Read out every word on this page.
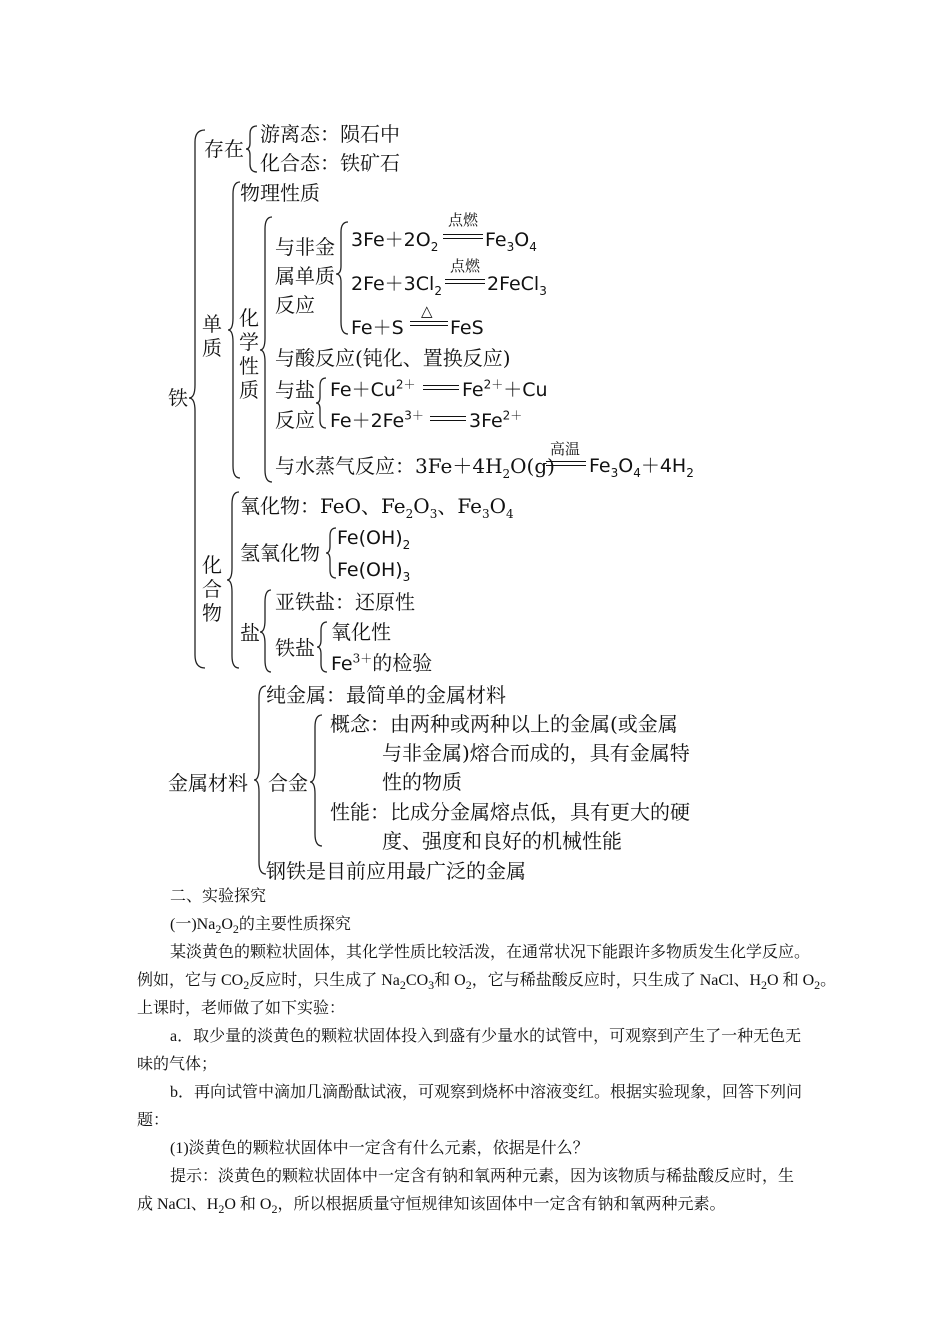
铁
存在
游离态：陨石中
化合态：铁矿石
单质
物理性质
化学性质
与非金
属单质
反应
$3Fe+2O_2$
点燃
$Fe_3O_4$
$2Fe+3Cl_2$
点燃
2FeCl$_3$
Fe＋S
△
FeS
与酸反应(钝化、置换反应)
与盐
反应
$Fe+Cu^{2+}$ $Fe^{2+}+Cu$
$Fe+2Fe^{3+}$ $3Fe^{2+}$
与水蒸气反应：$3Fe+4H_2O(g)$
高温
$Fe_3O_4+4H_2$
化合物
氧化物：FeO、$Fe_2O_3$、$Fe_3O_4$
氢氧化物
$Fe(OH)_2$
$Fe(OH)_3$
盐
亚铁盐：还原性
铁盐
氧化性
$Fe^{3+}$的检验
金属材料
纯金属：最简单的金属材料
合金
概念：由两种或两种以上的金属(或金属
与非金属)熔合而成的，具有金属特
性的物质
性能：比成分金属熔点低，具有更大的硬
度、强度和良好的机械性能
钢铁是目前应用最广泛的金属
二、实验探究
(一)$Na_2O_2$的主要性质探究
某淡黄色的颗粒状固体，其化学性质比较活泼，在通常状况下能跟许多物质发生化学反应。
例如，它与 $CO_2$反应时，只生成了 $Na_2CO_3$和 $O_2$，它与稀盐酸反应时，只生成了 NaCl、$H_2O$ 和 $O_2$。
上课时，老师做了如下实验：
a．取少量的淡黄色的颗粒状固体投入到盛有少量水的试管中，可观察到产生了一种无色无
味的气体；
b．再向试管中滴加几滴酚酞试液，可观察到烧杯中溶液变红。根据实验现象，回答下列问
题：
(1)淡黄色的颗粒状固体中一定含有什么元素，依据是什么？
提示：淡黄色的颗粒状固体中一定含有钠和氧两种元素，因为该物质与稀盐酸反应时，生
成 NaCl、$H_2O$ 和 $O_2$，所以根据质量守恒规律知该固体中一定含有钠和氧两种元素。
